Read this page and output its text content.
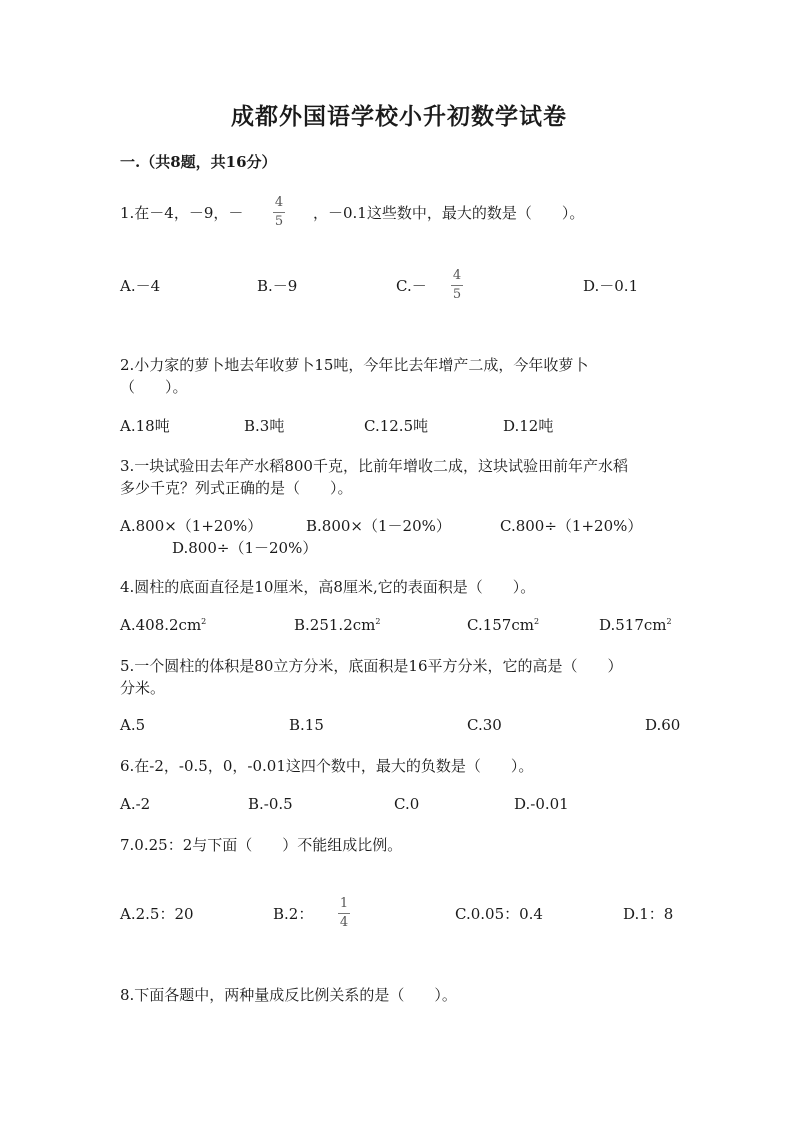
成都外国语学校小升初数学试卷
一.（共8题，共16分）
1.在－4，－9，－
4
5 ，－0.1这些数中，最大的数是（　　）。
A.－4	B.－9	C.－
4
5	D.－0.1
2.小力家的萝卜地去年收萝卜15吨，今年比去年增产二成，今年收萝卜
（　　）。
A.18吨	B.3吨	C.12.5吨	D.12吨
3.一块试验田去年产水稻800千克，比前年增收二成，这块试验田前年产水稻
多少千克？列式正确的是（　　）。
A.800×（1+20%）	B.800×（1－20%）	C.800÷（1+20%）
D.800÷（1－20%）
4.圆柱的底面直径是10厘米，高8厘米,它的表面积是（　　）。
$A.408.2cm^2$	$B.251.2cm^2$	$C.157cm^2$	$D.517cm^2$
5.一个圆柱的体积是80立方分米，底面积是16平方分米，它的高是（　　）
分米。
A.5	B.15	C.30	D.60
6.在-2，-0.5，0，-0.01这四个数中，最大的负数是（　　）。
A.-2	B.-0.5	C.0	D.-0.01
7.0.25：2与下面（　　）不能组成比例。
A.2.5：20	B.2：
1
4	C.0.05：0.4	D.1：8
8.下面各题中，两种量成反比例关系的是（　　）。
